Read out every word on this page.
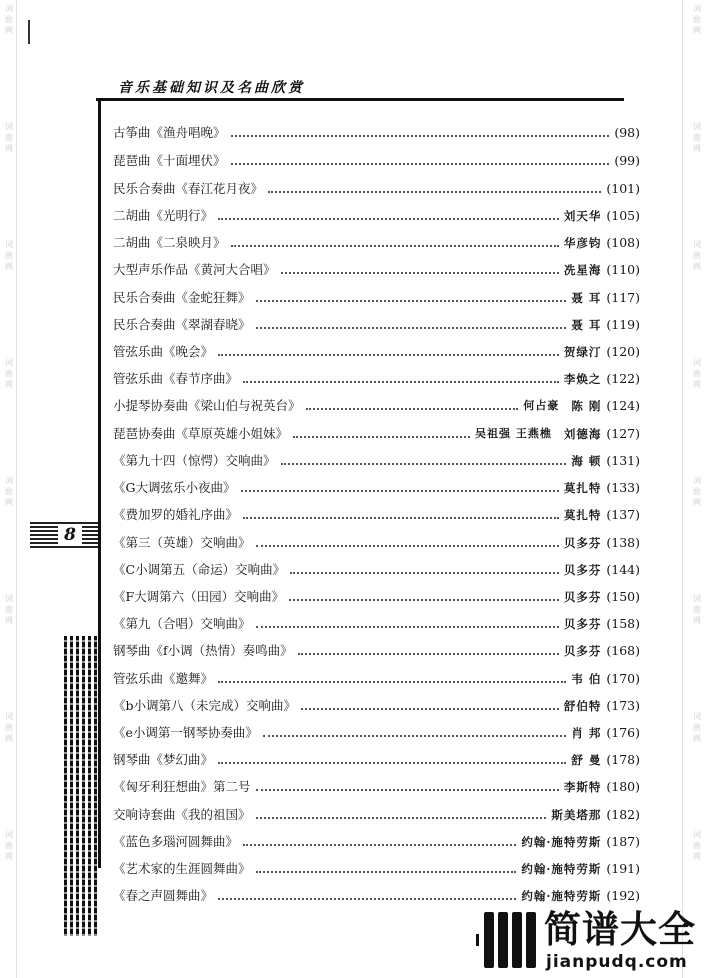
词
曲
网
词
曲
网
词
曲
网
词
曲
网
词
曲
网
词
曲
网
词
曲
网
词
曲
网
词
曲
网
词
曲
网
词
曲
网
词
曲
网
词
曲
网
词
曲
网
词
曲
网
词
曲
网
音乐基础知识及名曲欣赏
8
古筝曲《渔舟唱晚》	(98)
琵琶曲《十面埋伏》	(99)
民乐合奏曲《春江花月夜》	(101)
二胡曲《光明行》	刘天华 (105)
二胡曲《二泉映月》	华彦钧 (108)
大型声乐作品《黄河大合唱》	冼星海 (110)
民乐合奏曲《金蛇狂舞》	聂 耳 (117)
民乐合奏曲《翠湖春晓》	聂 耳 (119)
管弦乐曲《晚会》	贺绿汀 (120)
管弦乐曲《春节序曲》	李焕之 (122)
小提琴协奏曲《梁山伯与祝英台》	何占豪 陈 刚 (124)
琵琶协奏曲《草原英雄小姐妹》	吴祖强 王燕樵 刘德海 (127)
《第九十四（惊愕）交响曲》	海 顿 (131)
《G大调弦乐小夜曲》	莫扎特 (133)
《费加罗的婚礼序曲》	莫扎特 (137)
《第三（英雄）交响曲》	贝多芬 (138)
《C小调第五（命运）交响曲》	贝多芬 (144)
《F大调第六（田园）交响曲》	贝多芬 (150)
《第九（合唱）交响曲》	贝多芬 (158)
钢琴曲《f小调（热情）奏鸣曲》	贝多芬 (168)
管弦乐曲《邀舞》	韦 伯 (170)
《b小调第八（未完成）交响曲》	舒伯特 (173)
《e小调第一钢琴协奏曲》	肖 邦 (176)
钢琴曲《梦幻曲》	舒 曼 (178)
《匈牙利狂想曲》第二号	李斯特 (180)
交响诗套曲《我的祖国》	斯美塔那 (182)
《蓝色多瑙河圆舞曲》	约翰·施特劳斯 (187)
《艺术家的生涯圆舞曲》	约翰·施特劳斯 (191)
《春之声圆舞曲》	约翰·施特劳斯 (192)
简谱大全
jianpudq.com
